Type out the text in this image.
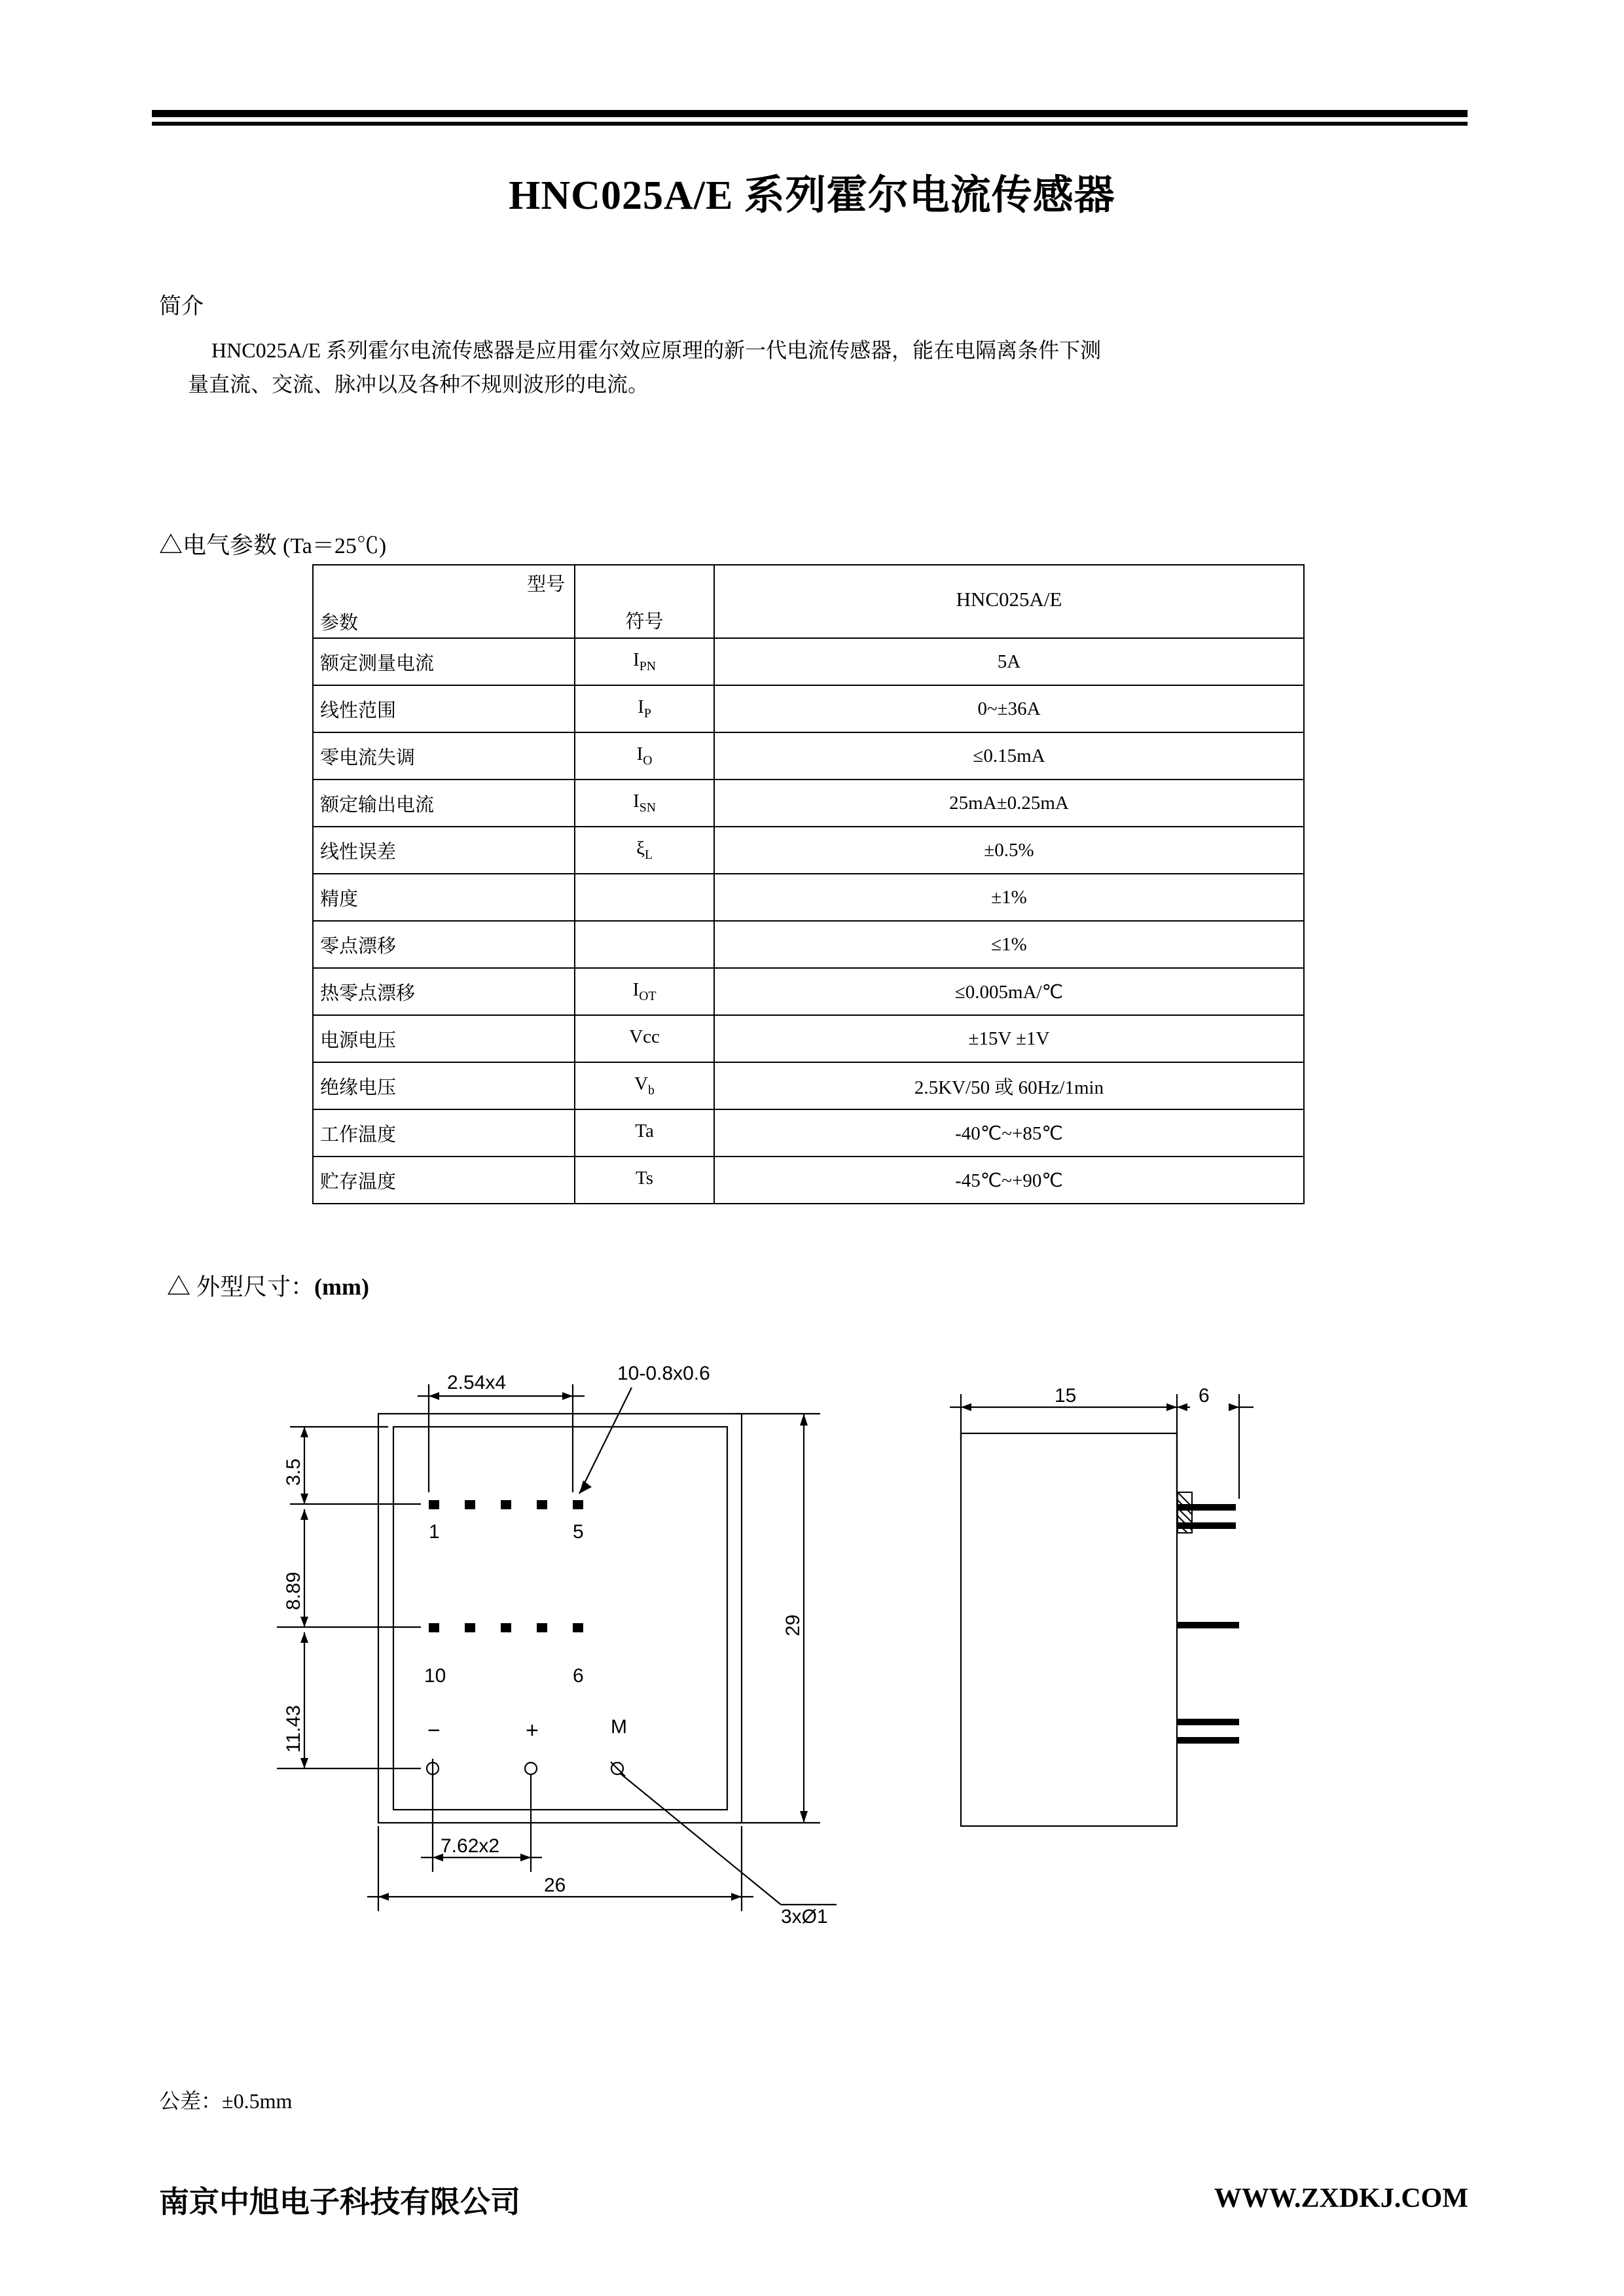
HNC025A/E 系列霍尔电流传感器
简介
HNC025A/E 系列霍尔电流传感器是应用霍尔效应原理的新一代电流传感器，能在电隔离条件下测

量直流、交流、脉冲以及各种不规则波形的电流。
△电气参数 (Ta＝25℃)
型号
参数	符号	HNC025A/E

额定测量电流	$I_{PN}$	5A
线性范围	$I_P$	0~±36A
零电流失调	$I_O$	≤0.15mA
额定输出电流	$I_{SN}$	25mA±0.25mA
线性误差	$\xi_L$	±0.5%
精度		±1%
零点漂移		≤1%
热零点漂移	$I_{OT}$	≤0.005mA/℃
电源电压	Vcc	±15V ±1V
绝缘电压	$V_b$	2.5KV/50 或 60Hz/1min
工作温度	Ta	-40℃~+85℃
贮存温度	Ts	-45℃~+90℃
△ 外型尺寸：(mm)
1	5
10	6
−	+	M
2.54x4	10-0.8x0.6
3.5
8.89
11.43
29
7.62x2
26
3xØ1
15	6
公差：±0.5mm
南京中旭电子科技有限公司	WWW.ZXDKJ.COM
